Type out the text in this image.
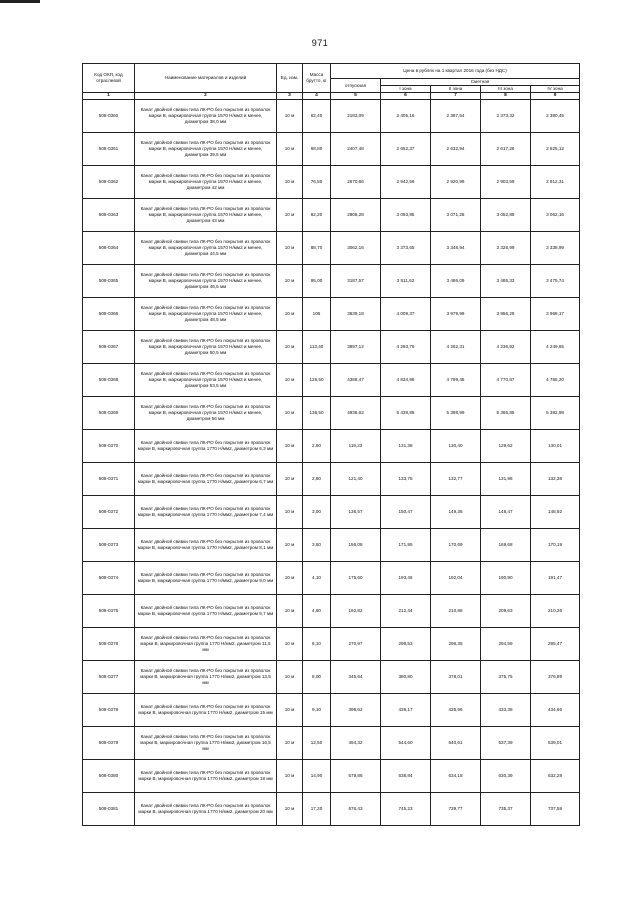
971
Код ОКП, код отраслевой	Наименование материалов и изделий	Ед. изм.	Масса брутто, кг	Цена в рублях на 1 квартал 2016 года (без НДС)				
				отпускная	Сметная			
					I зона	II зона	III зона	IV зона
1	2	3	4	5	6	7	8	9
508-0360	Канат двойной свивки типа ЛК-РО без покрытия из проволок марки В, маркировочная группа 1570 Н/мм2 и менее, диаметром 38,0 мм	10 м	62,40	2183,09	2 405,16	2 387,54	2 373,32	2 380,45
508-0361	Канат двойной свивки типа ЛК-РО без покрытия из проволок марки В, маркировочная группа 1570 Н/мм2 и менее, диаметром 39,5 мм	10 м	68,80	2407,48	2 652,37	2 632,94	2 617,26	2 625,12
508-0362	Канат двойной свивки типа ЛК-РО без покрытия из проволок марки В, маркировочная группа 1570 Н/мм2 и менее, диаметром 42 мм	10 м	76,50	2670,66	2 942,56	2 920,99	2 903,59	2 912,31
508-0363	Канат двойной свивки типа ЛК-РО без покрытия из проволок марки В, маркировочная группа 1570 Н/мм2 и менее, диаметром 43 мм	10 м	82,20	2808,28	3 093,95	3 071,28	3 052,89	3 062,16
508-0364	Канат двойной свивки типа ЛК-РО без покрытия из проволок марки В, маркировочная группа 1570 Н/мм2 и менее, диаметром 44,5 мм	10 м	88,70	3062,16	3 373,65	3 348,94	3 328,99	3 338,99
508-0365	Канат двойной свивки типа ЛК-РО без покрытия из проволок марки В, маркировочная группа 1570 Н/мм2 и менее, диаметром 46,5 мм	10 м	95,00	3187,57	3 511,62	3 486,09	3 465,33	3 475,74
508-0366	Канат двойной свивки типа ЛК-РО без покрытия из проволок марки В, маркировочная группа 1570 Н/мм2 и менее, диаметром 48,5 мм	10 м	105	3639,18	4 009,37	3 979,99	3 956,29	3 968,17
508-0367	Канат двойной свивки типа ЛК-РО без покрытия из проволок марки В, маркировочная группа 1570 Н/мм2 и менее, диаметром 50,5 мм	10 м	113,40	3897,12	4 293,76	4 262,31	4 236,92	4 249,65
508-0368	Канат двойной свивки типа ЛК-РО без покрытия из проволок марки В, маркировочная группа 1570 Н/мм2 и менее, диаметром 53,5 мм	10 м	126,50	4388,47	4 834,98	4 799,45	4 770,87	4 785,20
508-0369	Канат двойной свивки типа ЛК-РО без покрытия из проволок марки В, маркировочная группа 1570 Н/мм2 и менее, диаметром 56 мм	10 м	136,50	4936,62	5 438,85	5 398,99	5 365,85	5 382,98
508-0370	Канат двойной свивки типа ЛК-РО без покрытия из проволок марки В, маркировочная группа 1770 Н/мм2, диаметром 6,3 мм	10 м	2,60	119,23	131,38	130,40	129,62	130,01
508-0371	Канат двойной свивки типа ЛК-РО без покрытия из проволок марки В, маркировочная группа 1770 Н/мм2, диаметром 6,7 мм	10 м	2,80	121,40	133,75	132,77	131,98	132,38
508-0372	Канат двойной свивки типа ЛК-РО без покрытия из проволок марки В, маркировочная группа 1770 Н/мм2, диаметром 7,4 мм	10 м	3,00	136,57	150,47	149,36	148,47	148,92
508-0373	Канат двойной свивки типа ЛК-РО без покрытия из проволок марки В, маркировочная группа 1770 Н/мм2, диаметром 8,1 мм	10 м	3,50	156,08	171,95	170,69	169,68	170,19
508-0374	Канат двойной свивки типа ЛК-РО без покрытия из проволок марки В, маркировочная группа 1770 Н/мм2, диаметром 9,0 мм	10 м	4,10	175,60	193,46	192,04	190,90	191,47
508-0375	Канат двойной свивки типа ЛК-РО без покрытия из проволок марки В, маркировочная группа 1770 Н/мм2, диаметром 9,7 мм	10 м	4,80	192,82	212,44	210,88	209,63	210,26
508-0376	Канат двойной свивки типа ЛК-РО без покрытия из проволок марки В, маркировочная группа 1770 Н/мм2, диаметром 11,5 мм	10 м	6,10	270,97	298,53	296,35	294,59	295,47
508-0377	Канат двойной свивки типа ЛК-РО без покрытия из проволок марки В, маркировочная группа 1770 Н/мм2, диаметром 13,5 мм	10 м	8,00	345,64	380,80	378,01	375,75	376,89
508-0378	Канат двойной свивки типа ЛК-РО без покрытия из проволок марки В, маркировочная группа 1770 Н/мм2, диаметром 15 мм	10 м	9,10	398,62	439,17	435,96	433,38	434,66
508-0379	Канат двойной свивки типа ЛК-РО без покрытия из проволок марки В, маркировочная группа 1770 Н/мм2, диаметром 16,5 мм	10 м	12,50	494,32	544,60	540,61	537,39	539,01
508-0380	Канат двойной свивки типа ЛК-РО без покрытия из проволок марки В, маркировочная группа 1770 Н/мм2, диаметром 18 мм	10 м	14,90	579,86	638,84	634,18	630,39	632,28
508-0381	Канат двойной свивки типа ЛК-РО без покрытия из проволок марки В, маркировочная группа 1770 Н/мм2, диаметром 20 мм	10 м	17,20	676,43	745,23	739,77	735,37	737,58
